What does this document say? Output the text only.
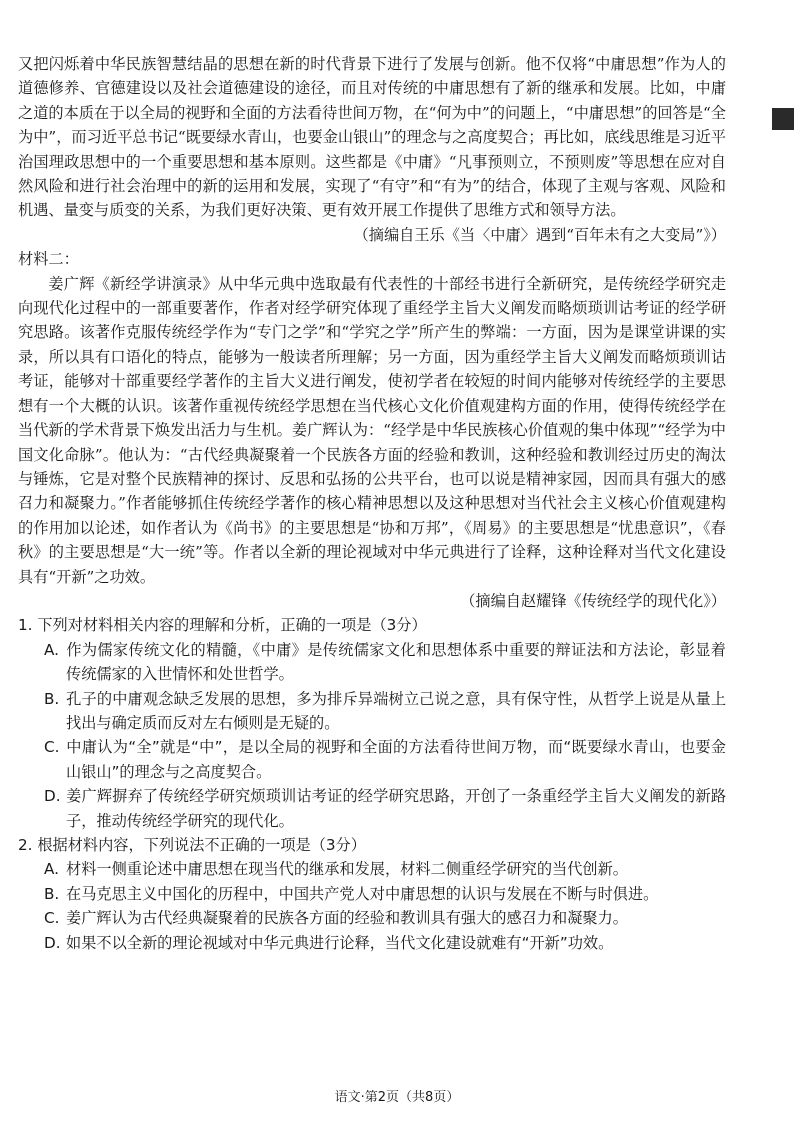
又把闪烁着中华民族智慧结晶的思想在新的时代背景下进行了发展与创新。他不仅将“中庸思想”作为人的道德修养、官德建设以及社会道德建设的途径，而且对传统的中庸思想有了新的继承和发展。比如，中庸之道的本质在于以全局的视野和全面的方法看待世间万物，在“何为中”的问题上，“中庸思想”的回答是“全为中”，而习近平总书记“既要绿水青山，也要金山银山”的理念与之高度契合；再比如，底线思维是习近平治国理政思想中的一个重要思想和基本原则。这些都是《中庸》“凡事预则立，不预则废”等思想在应对自然风险和进行社会治理中的新的运用和发展，实现了“有守”和“有为”的结合，体现了主观与客观、风险和机遇、量变与质变的关系，为我们更好决策、更有效开展工作提供了思维方式和领导方法。

（摘编自王乐《当〈中庸〉遇到“百年未有之大变局”》）

材料二：

姜广辉《新经学讲演录》从中华元典中选取最有代表性的十部经书进行全新研究，是传统经学研究走向现代化过程中的一部重要著作，作者对经学研究体现了重经学主旨大义阐发而略烦琐训诂考证的经学研究思路。该著作克服传统经学作为“专门之学”和“学究之学”所产生的弊端：一方面，因为是课堂讲课的实录，所以具有口语化的特点，能够为一般读者所理解；另一方面，因为重经学主旨大义阐发而略烦琐训诂考证，能够对十部重要经学著作的主旨大义进行阐发，使初学者在较短的时间内能够对传统经学的主要思想有一个大概的认识。该著作重视传统经学思想在当代核心文化价值观建构方面的作用，使得传统经学在当代新的学术背景下焕发出活力与生机。姜广辉认为：“经学是中华民族核心价值观的集中体现”“经学为中国文化命脉”。他认为：“古代经典凝聚着一个民族各方面的经验和教训，这种经验和教训经过历史的淘汰与锤炼，它是对整个民族精神的探讨、反思和弘扬的公共平台，也可以说是精神家园，因而具有强大的感召力和凝聚力。”作者能够抓住传统经学著作的核心精神思想以及这种思想对当代社会主义核心价值观建构的作用加以论述，如作者认为《尚书》的主要思想是“协和万邦”，《周易》的主要思想是“忧患意识”，《春秋》的主要思想是“大一统”等。作者以全新的理论视域对中华元典进行了诠释，这种诠释对当代文化建设具有“开新”之功效。

（摘编自赵耀锋《传统经学的现代化》）

1. 下列对材料相关内容的理解和分析，正确的一项是（3分）

A. 作为儒家传统文化的精髓，《中庸》是传统儒家文化和思想体系中重要的辩证法和方法论，彰显着传统儒家的入世情怀和处世哲学。

B. 孔子的中庸观念缺乏发展的思想，多为排斥异端树立己说之意，具有保守性，从哲学上说是从量上找出与确定质而反对左右倾则是无疑的。

C. 中庸认为“全”就是“中”，是以全局的视野和全面的方法看待世间万物，而“既要绿水青山，也要金山银山”的理念与之高度契合。

D. 姜广辉摒弃了传统经学研究烦琐训诂考证的经学研究思路，开创了一条重经学主旨大义阐发的新路子，推动传统经学研究的现代化。

2. 根据材料内容，下列说法不正确的一项是（3分）

A. 材料一侧重论述中庸思想在现当代的继承和发展，材料二侧重经学研究的当代创新。

B. 在马克思主义中国化的历程中，中国共产党人对中庸思想的认识与发展在不断与时俱进。

C. 姜广辉认为古代经典凝聚着的民族各方面的经验和教训具有强大的感召力和凝聚力。

D. 如果不以全新的理论视域对中华元典进行论释，当代文化建设就难有“开新”功效。

语文·第2页（共8页）
